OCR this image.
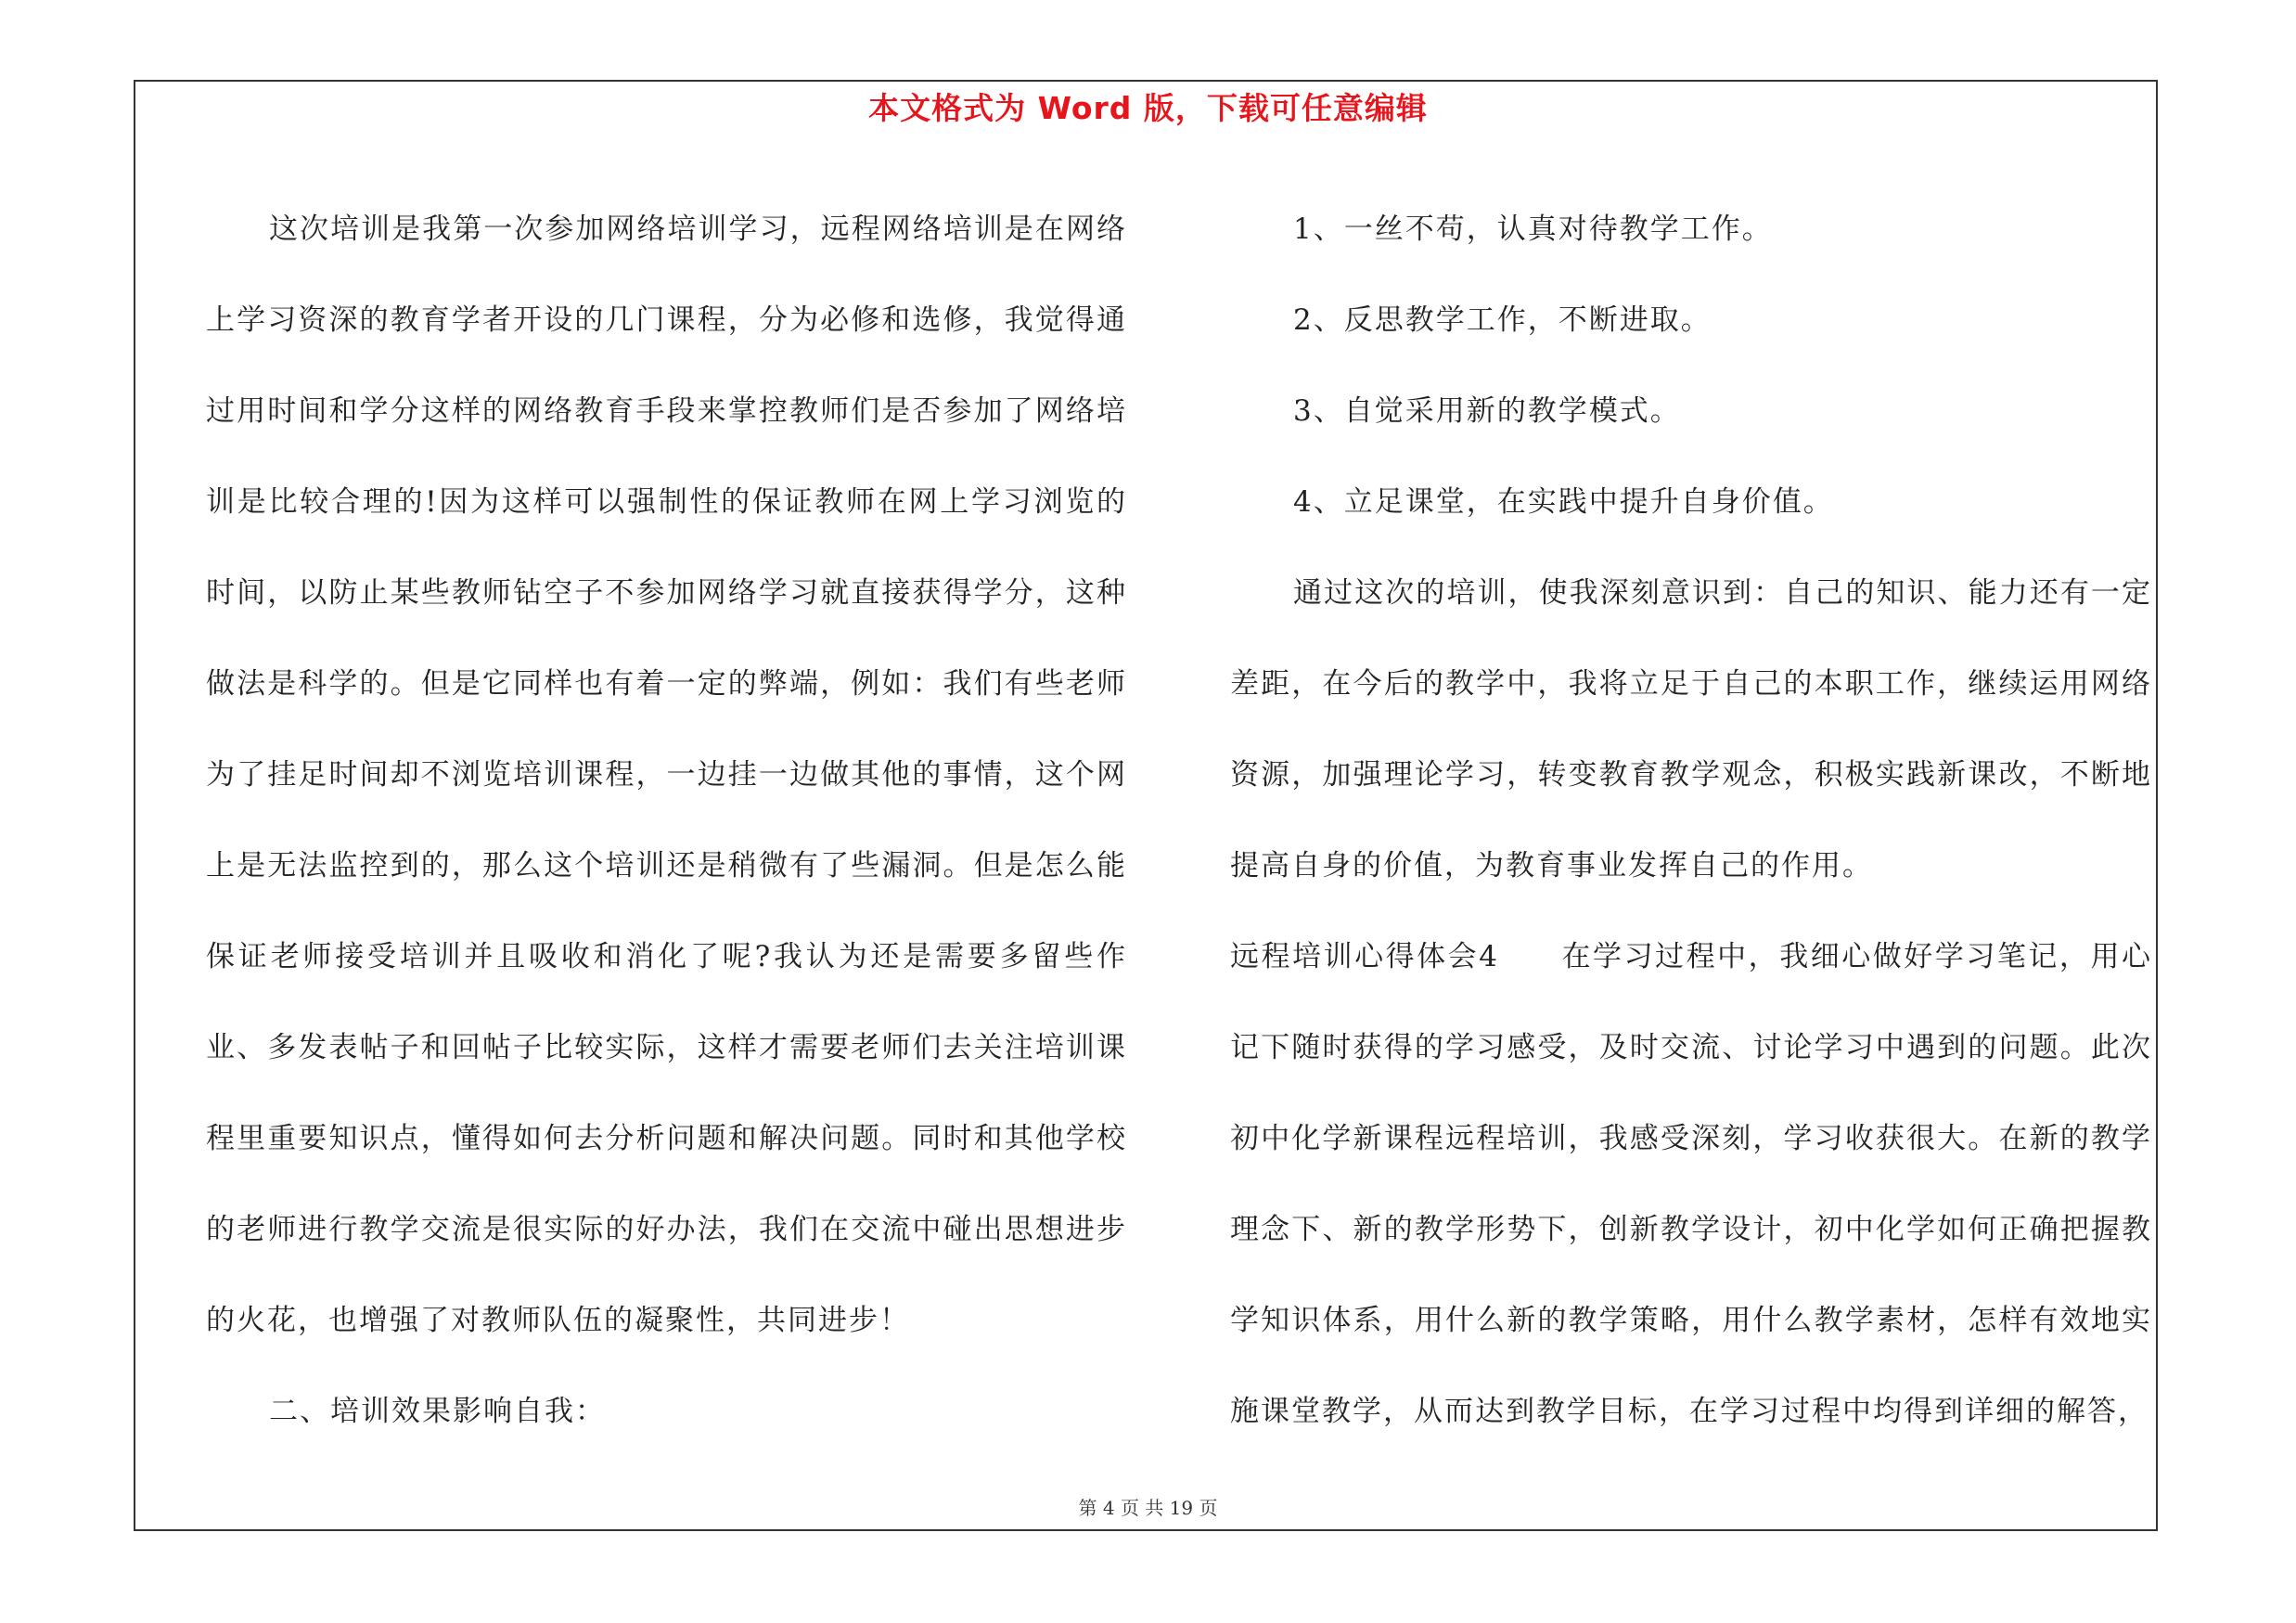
本文格式为 Word 版，下载可任意编辑

这次培训是我第一次参加网络培训学习，远程网络培训是在网络上学习资深的教育学者开设的几门课程，分为必修和选修，我觉得通过用时间和学分这样的网络教育手段来掌控教师们是否参加了网络培训是比较合理的!因为这样可以强制性的保证教师在网上学习浏览的时间，以防止某些教师钻空子不参加网络学习就直接获得学分，这种做法是科学的。但是它同样也有着一定的弊端，例如：我们有些老师为了挂足时间却不浏览培训课程，一边挂一边做其他的事情，这个网上是无法监控到的，那么这个培训还是稍微有了些漏洞。但是怎么能保证老师接受培训并且吸收和消化了呢?我认为还是需要多留些作业、多发表帖子和回帖子比较实际，这样才需要老师们去关注培训课程里重要知识点，懂得如何去分析问题和解决问题。同时和其他学校的老师进行教学交流是很实际的好办法，我们在交流中碰出思想进步的火花，也增强了对教师队伍的凝聚性，共同进步！

二、培训效果影响自我：

1、一丝不苟，认真对待教学工作。

2、反思教学工作，不断进取。

3、自觉采用新的教学模式。

4、立足课堂，在实践中提升自身价值。

通过这次的培训，使我深刻意识到：自己的知识、能力还有一定差距，在今后的教学中，我将立足于自己的本职工作，继续运用网络资源，加强理论学习，转变教育教学观念，积极实践新课改，不断地提高自身的价值，为教育事业发挥自己的作用。

远程培训心得体会4　　在学习过程中，我细心做好学习笔记，用心记下随时获得的学习感受，及时交流、讨论学习中遇到的问题。此次初中化学新课程远程培训，我感受深刻，学习收获很大。在新的教学理念下、新的教学形势下，创新教学设计，初中化学如何正确把握教学知识体系，用什么新的教学策略，用什么教学素材，怎样有效地实施课堂教学，从而达到教学目标，在学习过程中均得到详细的解答，

第 4 页 共 19 页
